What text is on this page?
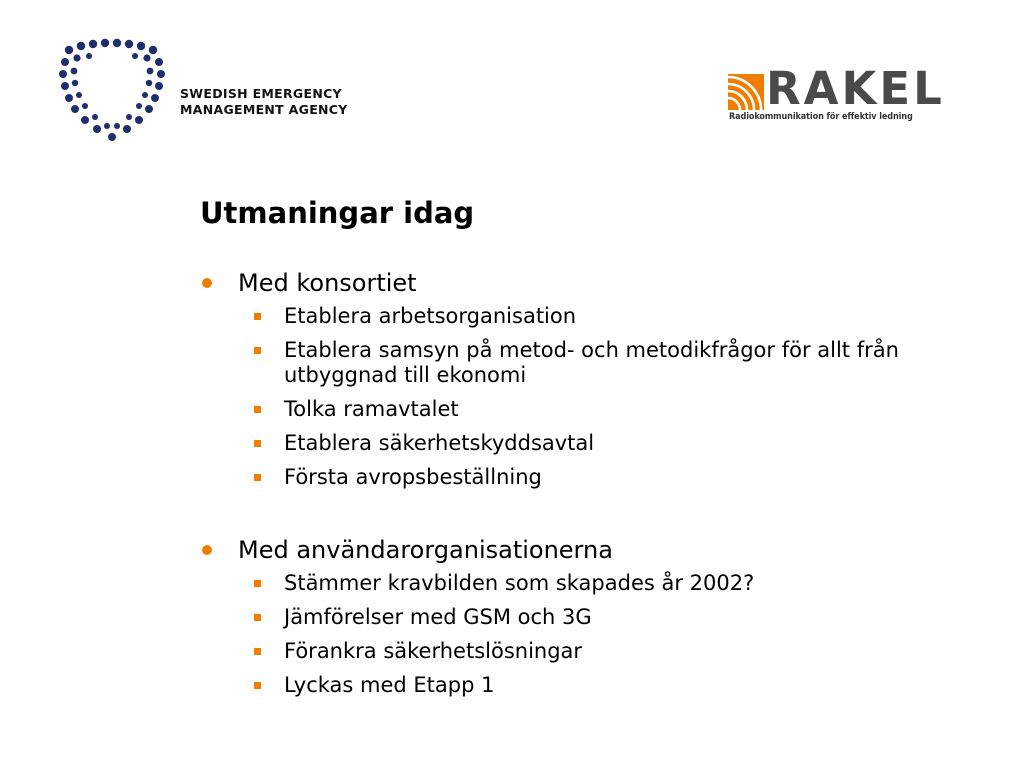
SWEDISH EMERGENCY
MANAGEMENT AGENCY	RAKEL
Radiokommunikation för effektiv ledning
Utmaningar idag
Med konsortiet
Etablera arbetsorganisation
Etablera samsyn på metod- och metodikfrågor för allt från utbyggnad till ekonomi
Tolka ramavtalet
Etablera säkerhetskyddsavtal
Första avropsbeställning
Med användarorganisationerna
Stämmer kravbilden som skapades år 2002?
Jämförelser med GSM och 3G
Förankra säkerhetslösningar
Lyckas med Etapp 1
